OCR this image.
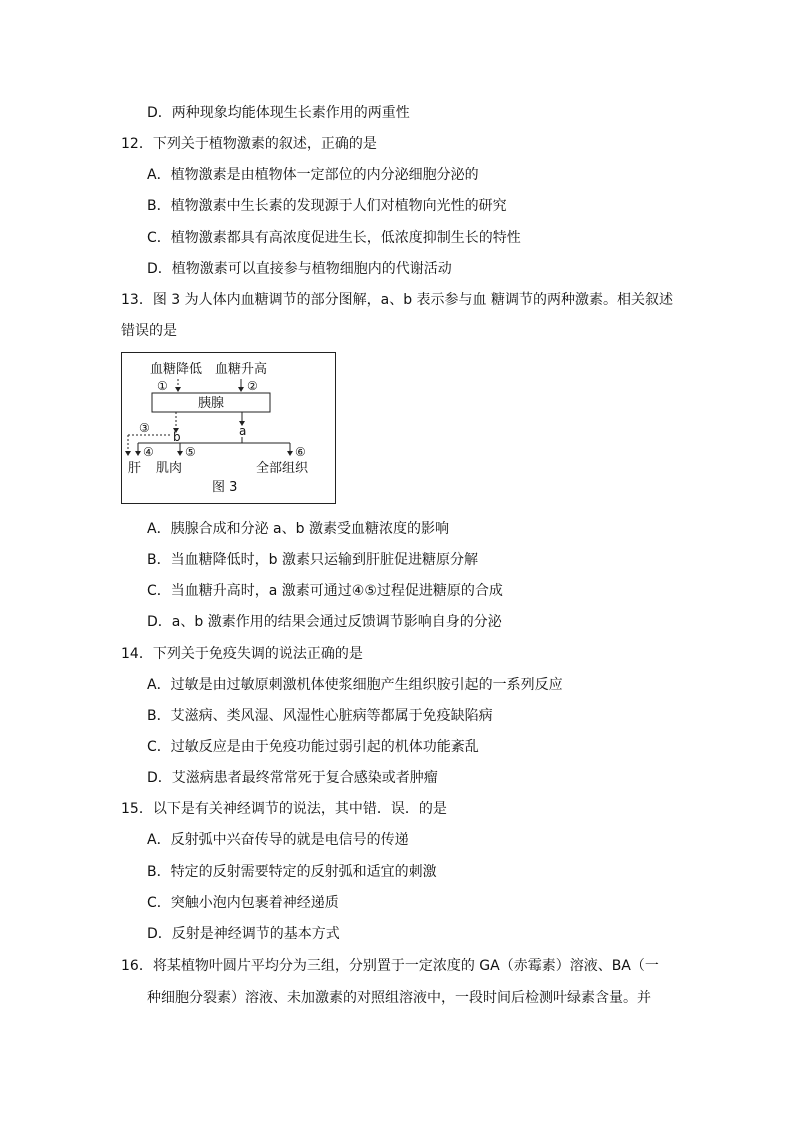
D．两种现象均能体现生长素作用的两重性
12．下列关于植物激素的叙述，正确的是
A．植物激素是由植物体一定部位的内分泌细胞分泌的
B．植物激素中生长素的发现源于人们对植物向光性的研究
C．植物激素都具有高浓度促进生长，低浓度抑制生长的特性
D．植物激素可以直接参与植物细胞内的代谢活动
13．图 3 为人体内血糖调节的部分图解，a、b 表示参与血 糖调节的两种激素。相关叙述
错误的是
血糖降低 血糖升高
①	②
胰腺
b	a
③
④	⑤	⑥
肝 肌肉	全部组织
图 3
A．胰腺合成和分泌 a、b 激素受血糖浓度的影响
B．当血糖降低时，b 激素只运输到肝脏促进糖原分解
C．当血糖升高时，a 激素可通过④⑤过程促进糖原的合成
D．a、b 激素作用的结果会通过反馈调节影响自身的分泌
14．下列关于免疫失调的说法正确的是
A．过敏是由过敏原刺激机体使浆细胞产生组织胺引起的一系列反应
B．艾滋病、类风湿、风湿性心脏病等都属于免疫缺陷病
C．过敏反应是由于免疫功能过弱引起的机体功能紊乱
D．艾滋病患者最终常常死于复合感染或者肿瘤
15．以下是有关神经调节的说法，其中错．误．的是
A．反射弧中兴奋传导的就是电信号的传递
B．特定的反射需要特定的反射弧和适宜的刺激
C．突触小泡内包裹着神经递质
D．反射是神经调节的基本方式
16．将某植物叶圆片平均分为三组，分别置于一定浓度的 GA（赤霉素）溶液、BA（一
种细胞分裂素）溶液、未加激素的对照组溶液中，一段时间后检测叶绿素含量。并
